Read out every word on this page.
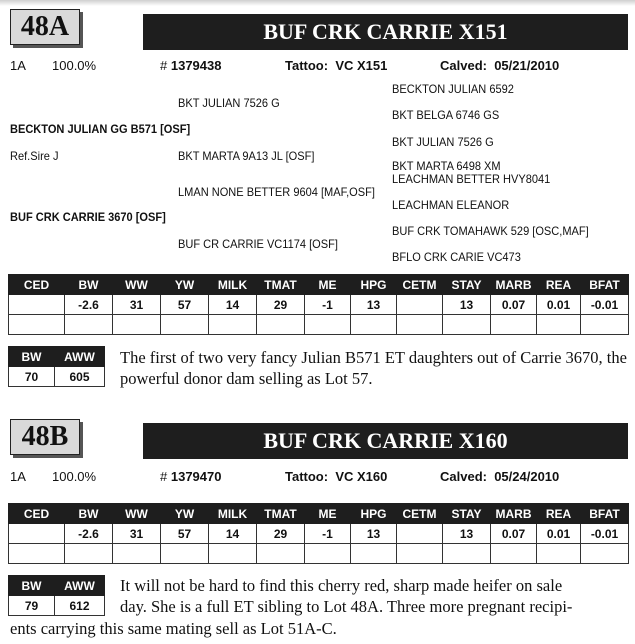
48A	BUF CRK CARRIE X151
1A 100.0%	# 1379438	Tattoo: VC X151	Calved: 05/21/2010
BECKTON JULIAN 6592
BKT JULIAN 7526 G
BKT BELGA 6746 GS
BECKTON JULIAN GG B571 [OSF]
BKT JULIAN 7526 G
Ref.Sire J	BKT MARTA 9A13 JL [OSF]
BKT MARTA 6498 XM
LEACHMAN BETTER HVY8041
LMAN NONE BETTER 9604 [MAF,OSF]
LEACHMAN ELEANOR
BUF CRK CARRIE 3670 [OSF]
BUF CRK TOMAHAWK 529 [OSC,MAF]
BUF CR CARRIE VC1174 [OSF]
BFLO CRK CARIE VC473
CED	BW	WW	YW	MILK	TMAT	ME	HPG	CETM	STAY	MARB	REA	BFAT
	-2.6	31	57	14	29	-1	13		13	0.07	0.01	-0.01

BW	AWW
70	605
The first of two very fancy Julian B571 ET daughters out of Carrie 3670, the powerful donor dam selling as Lot 57.
48B	BUF CRK CARRIE X160
1A 100.0%	# 1379470	Tattoo: VC X160	Calved: 05/24/2010
CED	BW	WW	YW	MILK	TMAT	ME	HPG	CETM	STAY	MARB	REA	BFAT
	-2.6	31	57	14	29	-1	13		13	0.07	0.01	-0.01

BW	AWW
79	612
It will not be hard to find this cherry red, sharp made heifer on sale
day. She is a full ET sibling to Lot 48A. Three more pregnant recipi-
ents carrying this same mating sell as Lot 51A-C.
